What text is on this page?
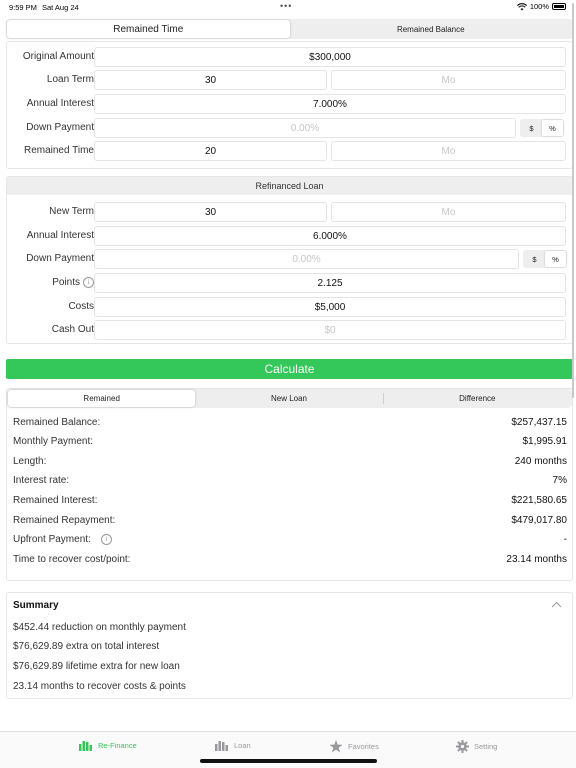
9:59 PM Sat Aug 24	•••	100%
Remained Time	Remained Balance
Original Amount	$300,000
Loan Term	30	Mo
Annual Interest	7.000%
Down Payment	0.00%	$	%
Remained Time	20	Mo
Refinanced Loan
New Term	30	Mo
Annual Interest	6.000%
Down Payment	0.00%	$	%
Points i	2.125
Costs	$5,000
Cash Out	$0
Calculate
Remained	New Loan	Difference
Remained Balance:	$257,437.15
Monthly Payment:	$1,995.91
Length:	240 months
Interest rate:	7%
Remained Interest:	$221,580.65
Remained Repayment:	$479,017.80
Upfront Payment: i	-
Time to recover cost/point:	23.14 months
Summary
$452.44 reduction on monthly payment
$76,629.89 extra on total interest
$76,629.89 lifetime extra for new loan
23.14 months to recover costs & points
Re-Finance	Loan	Favorites	Setting
